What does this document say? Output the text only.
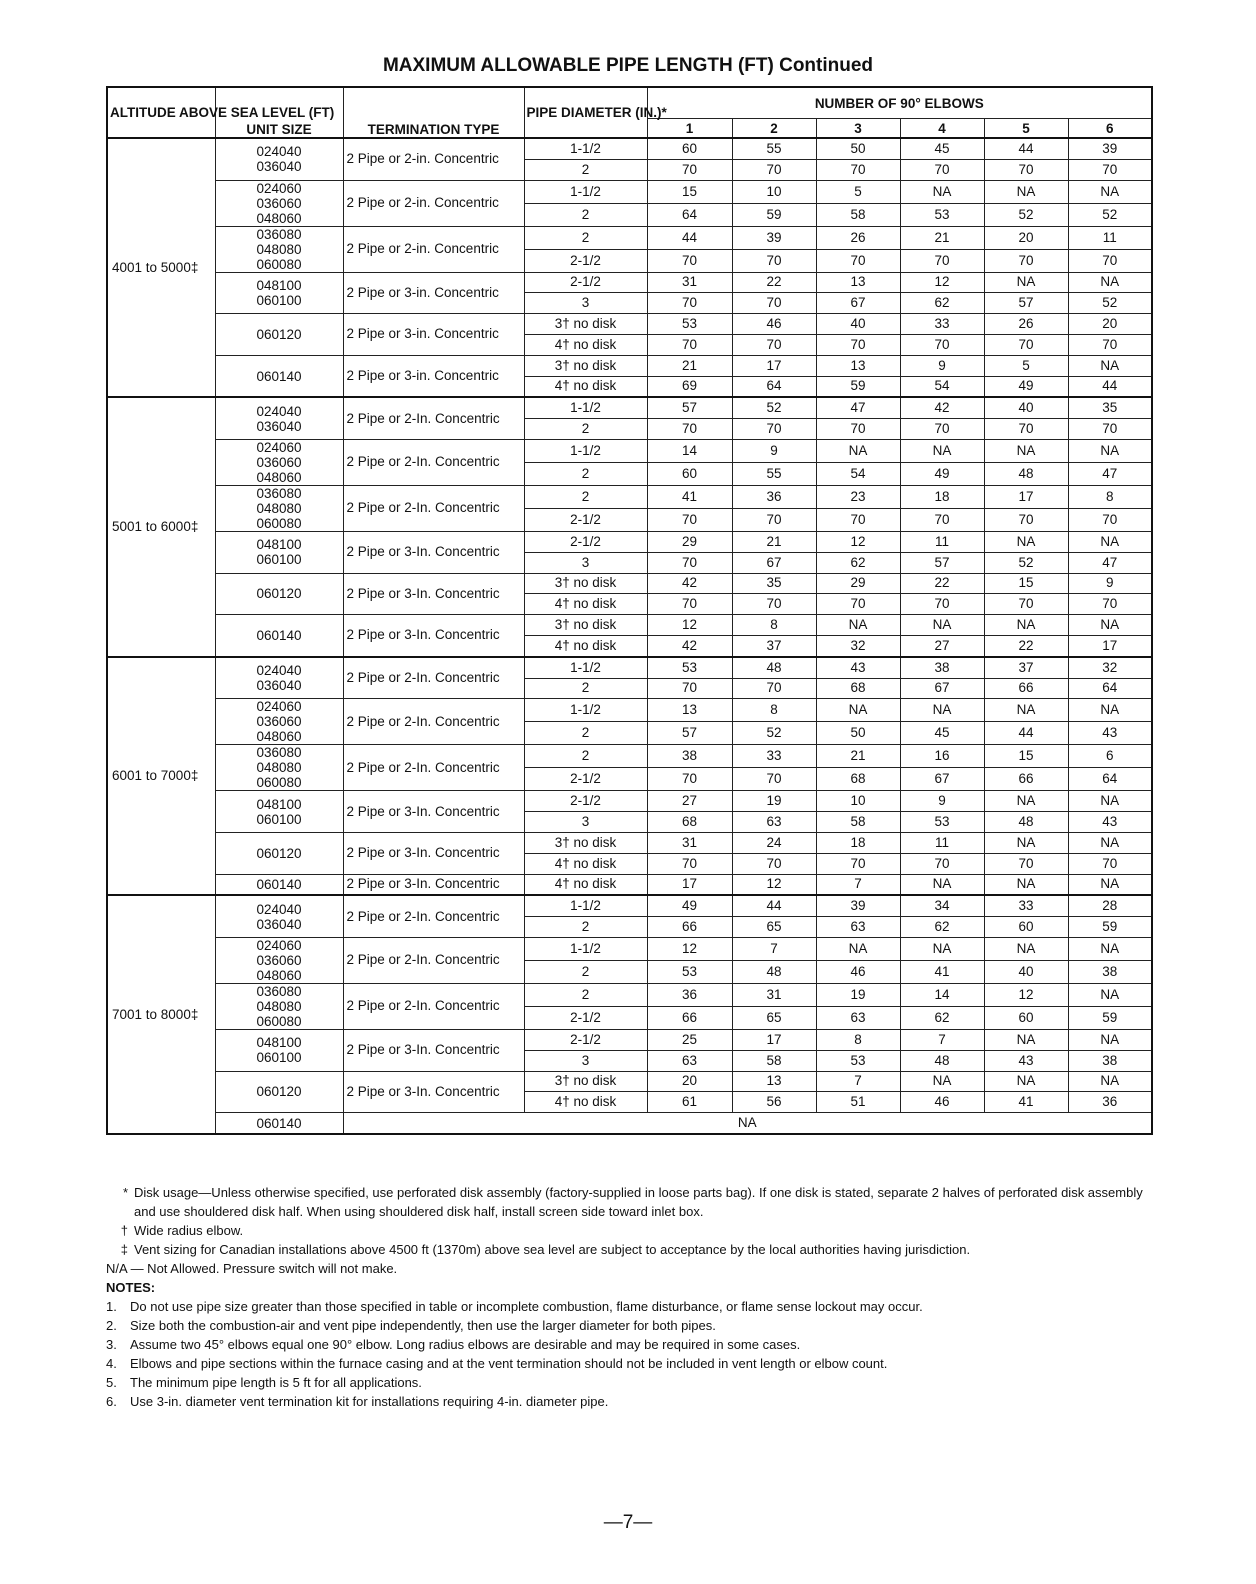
MAXIMUM ALLOWABLE PIPE LENGTH (FT) Continued
ALTITUDE ABOVE SEA LEVEL (FT)	UNIT SIZE	TERMINATION TYPE	PIPE DIAMETER (IN.)*	NUMBER OF 90° ELBOWS					
				1	2	3	4	5	6
4001 to 5000‡	024040
036040	2 Pipe or 2-in. Concentric	1-1/2	60	55	50	45	44	39
			2	70	70	70	70	70	70
	024060
036060
048060	2 Pipe or 2-in. Concentric	1-1/2	15	10	5	NA	NA	NA
			2	64	59	58	53	52	52
	036080
048080
060080	2 Pipe or 2-in. Concentric	2	44	39	26	21	20	11
			2-1/2	70	70	70	70	70	70
	048100
060100	2 Pipe or 3-in. Concentric	2-1/2	31	22	13	12	NA	NA
			3	70	70	67	62	57	52
	060120	2 Pipe or 3-in. Concentric	3† no disk	53	46	40	33	26	20
			4† no disk	70	70	70	70	70	70
	060140	2 Pipe or 3-in. Concentric	3† no disk	21	17	13	9	5	NA
			4† no disk	69	64	59	54	49	44
5001 to 6000‡	024040
036040	2 Pipe or 2-In. Concentric	1-1/2	57	52	47	42	40	35
			2	70	70	70	70	70	70
	024060
036060
048060	2 Pipe or 2-In. Concentric	1-1/2	14	9	NA	NA	NA	NA
			2	60	55	54	49	48	47
	036080
048080
060080	2 Pipe or 2-In. Concentric	2	41	36	23	18	17	8
			2-1/2	70	70	70	70	70	70
	048100
060100	2 Pipe or 3-In. Concentric	2-1/2	29	21	12	11	NA	NA
			3	70	67	62	57	52	47
	060120	2 Pipe or 3-In. Concentric	3† no disk	42	35	29	22	15	9
			4† no disk	70	70	70	70	70	70
	060140	2 Pipe or 3-In. Concentric	3† no disk	12	8	NA	NA	NA	NA
			4† no disk	42	37	32	27	22	17
6001 to 7000‡	024040
036040	2 Pipe or 2-In. Concentric	1-1/2	53	48	43	38	37	32
			2	70	70	68	67	66	64
	024060
036060
048060	2 Pipe or 2-In. Concentric	1-1/2	13	8	NA	NA	NA	NA
			2	57	52	50	45	44	43
	036080
048080
060080	2 Pipe or 2-In. Concentric	2	38	33	21	16	15	6
			2-1/2	70	70	68	67	66	64
	048100
060100	2 Pipe or 3-In. Concentric	2-1/2	27	19	10	9	NA	NA
			3	68	63	58	53	48	43
	060120	2 Pipe or 3-In. Concentric	3† no disk	31	24	18	11	NA	NA
			4† no disk	70	70	70	70	70	70
	060140	2 Pipe or 3-In. Concentric	4† no disk	17	12	7	NA	NA	NA
7001 to 8000‡	024040
036040	2 Pipe or 2-In. Concentric	1-1/2	49	44	39	34	33	28
			2	66	65	63	62	60	59
	024060
036060
048060	2 Pipe or 2-In. Concentric	1-1/2	12	7	NA	NA	NA	NA
			2	53	48	46	41	40	38
	036080
048080
060080	2 Pipe or 2-In. Concentric	2	36	31	19	14	12	NA
			2-1/2	66	65	63	62	60	59
	048100
060100	2 Pipe or 3-In. Concentric	2-1/2	25	17	8	7	NA	NA
			3	63	58	53	48	43	38
	060120	2 Pipe or 3-In. Concentric	3† no disk	20	13	7	NA	NA	NA
			4† no disk	61	56	51	46	41	36
	060140	NA							
* Disk usage—Unless otherwise specified, use perforated disk assembly (factory-supplied in loose parts bag). If one disk is stated, separate 2 halves of perforated disk assembly and use shouldered disk half. When using shouldered disk half, install screen side toward inlet box.
† Wide radius elbow.
‡ Vent sizing for Canadian installations above 4500 ft (1370m) above sea level are subject to acceptance by the local authorities having jurisdiction.
N/A — Not Allowed. Pressure switch will not make.
NOTES:
1.	Do not use pipe size greater than those specified in table or incomplete combustion, flame disturbance, or flame sense lockout may occur.
2.	Size both the combustion-air and vent pipe independently, then use the larger diameter for both pipes.
3.	Assume two 45° elbows equal one 90° elbow. Long radius elbows are desirable and may be required in some cases.
4.	Elbows and pipe sections within the furnace casing and at the vent termination should not be included in vent length or elbow count.
5.	The minimum pipe length is 5 ft for all applications.
6.	Use 3-in. diameter vent termination kit for installations requiring 4-in. diameter pipe.
—7—
